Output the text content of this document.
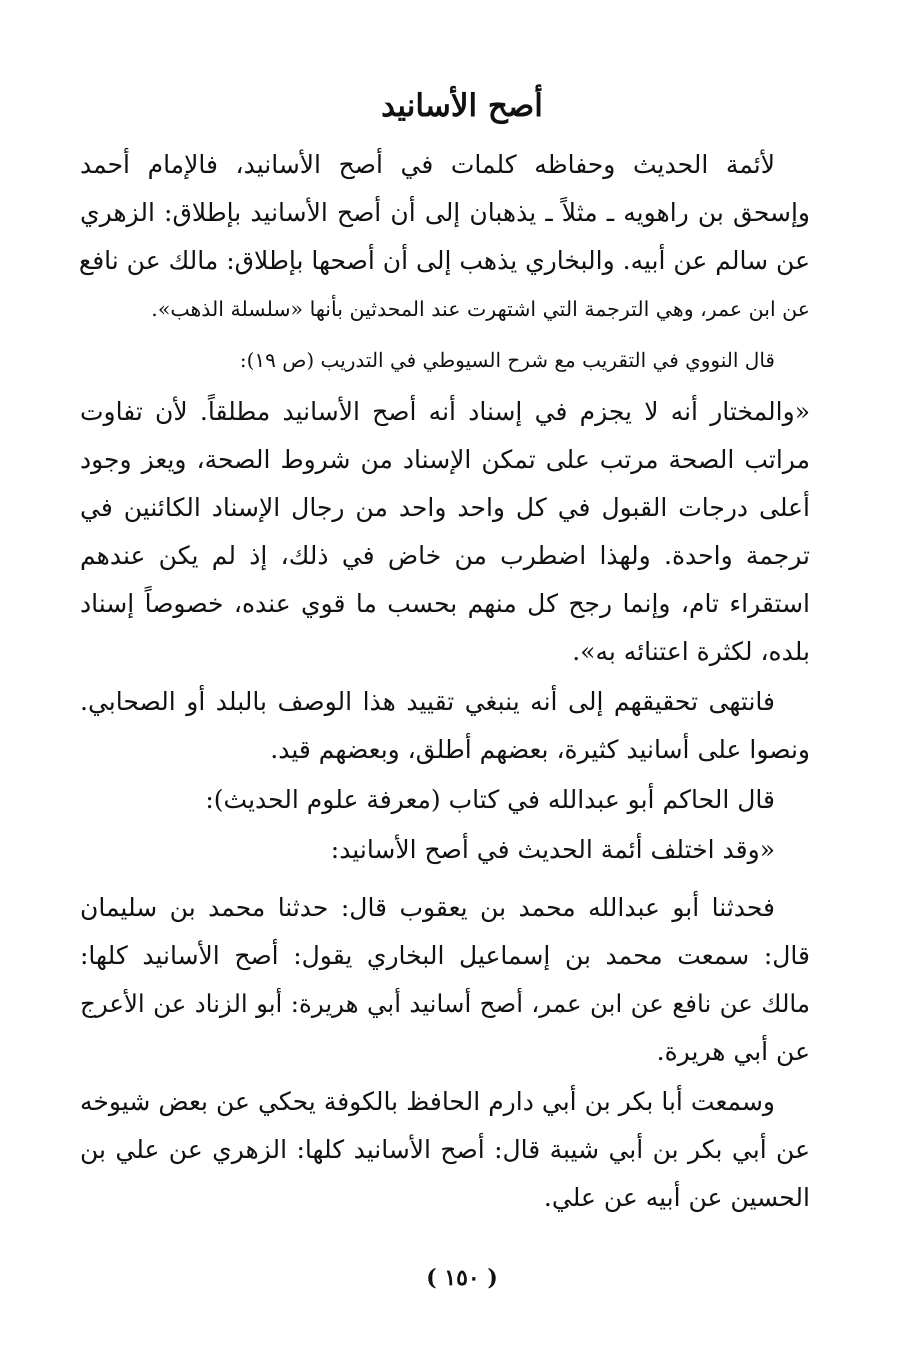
أصح الأسانيد
لأئمة الحديث وحفاظه كلمات في أصح الأسانيد، فالإمام أحمد
وإسحق بن راهويه ـ مثلاً ـ يذهبان إلى أن أصح الأسانيد بإطلاق: الزهري
عن سالم عن أبيه. والبخاري يذهب إلى أن أصحها بإطلاق: مالك عن نافع
عن ابن عمر، وهي الترجمة التي اشتهرت عند المحدثين بأنها «سلسلة الذهب».
قال النووي في التقريب مع شرح السيوطي في التدريب (ص ١٩):
«والمختار أنه لا يجزم في إسناد أنه أصح الأسانيد مطلقاً. لأن تفاوت
مراتب الصحة مرتب على تمكن الإسناد من شروط الصحة، ويعز وجود
أعلى درجات القبول في كل واحد واحد من رجال الإسناد الكائنين في
ترجمة واحدة. ولهذا اضطرب من خاض في ذلك، إذ لم يكن عندهم
استقراء تام، وإنما رجح كل منهم بحسب ما قوي عنده، خصوصاً إسناد
بلده، لكثرة اعتنائه به».
فانتهى تحقيقهم إلى أنه ينبغي تقييد هذا الوصف بالبلد أو الصحابي.
ونصوا على أسانيد كثيرة، بعضهم أطلق، وبعضهم قيد.
قال الحاكم أبو عبدالله في كتاب (معرفة علوم الحديث):
«وقد اختلف أئمة الحديث في أصح الأسانيد:
فحدثنا أبو عبدالله محمد بن يعقوب قال: حدثنا محمد بن سليمان
قال: سمعت محمد بن إسماعيل البخاري يقول: أصح الأسانيد كلها:
مالك عن نافع عن ابن عمر، أصح أسانيد أبي هريرة: أبو الزناد عن الأعرج
عن أبي هريرة.
وسمعت أبا بكر بن أبي دارم الحافظ بالكوفة يحكي عن بعض شيوخه
عن أبي بكر بن أبي شيبة قال: أصح الأسانيد كلها: الزهري عن علي بن
الحسين عن أبيه عن علي.
( ١٥٠ )
